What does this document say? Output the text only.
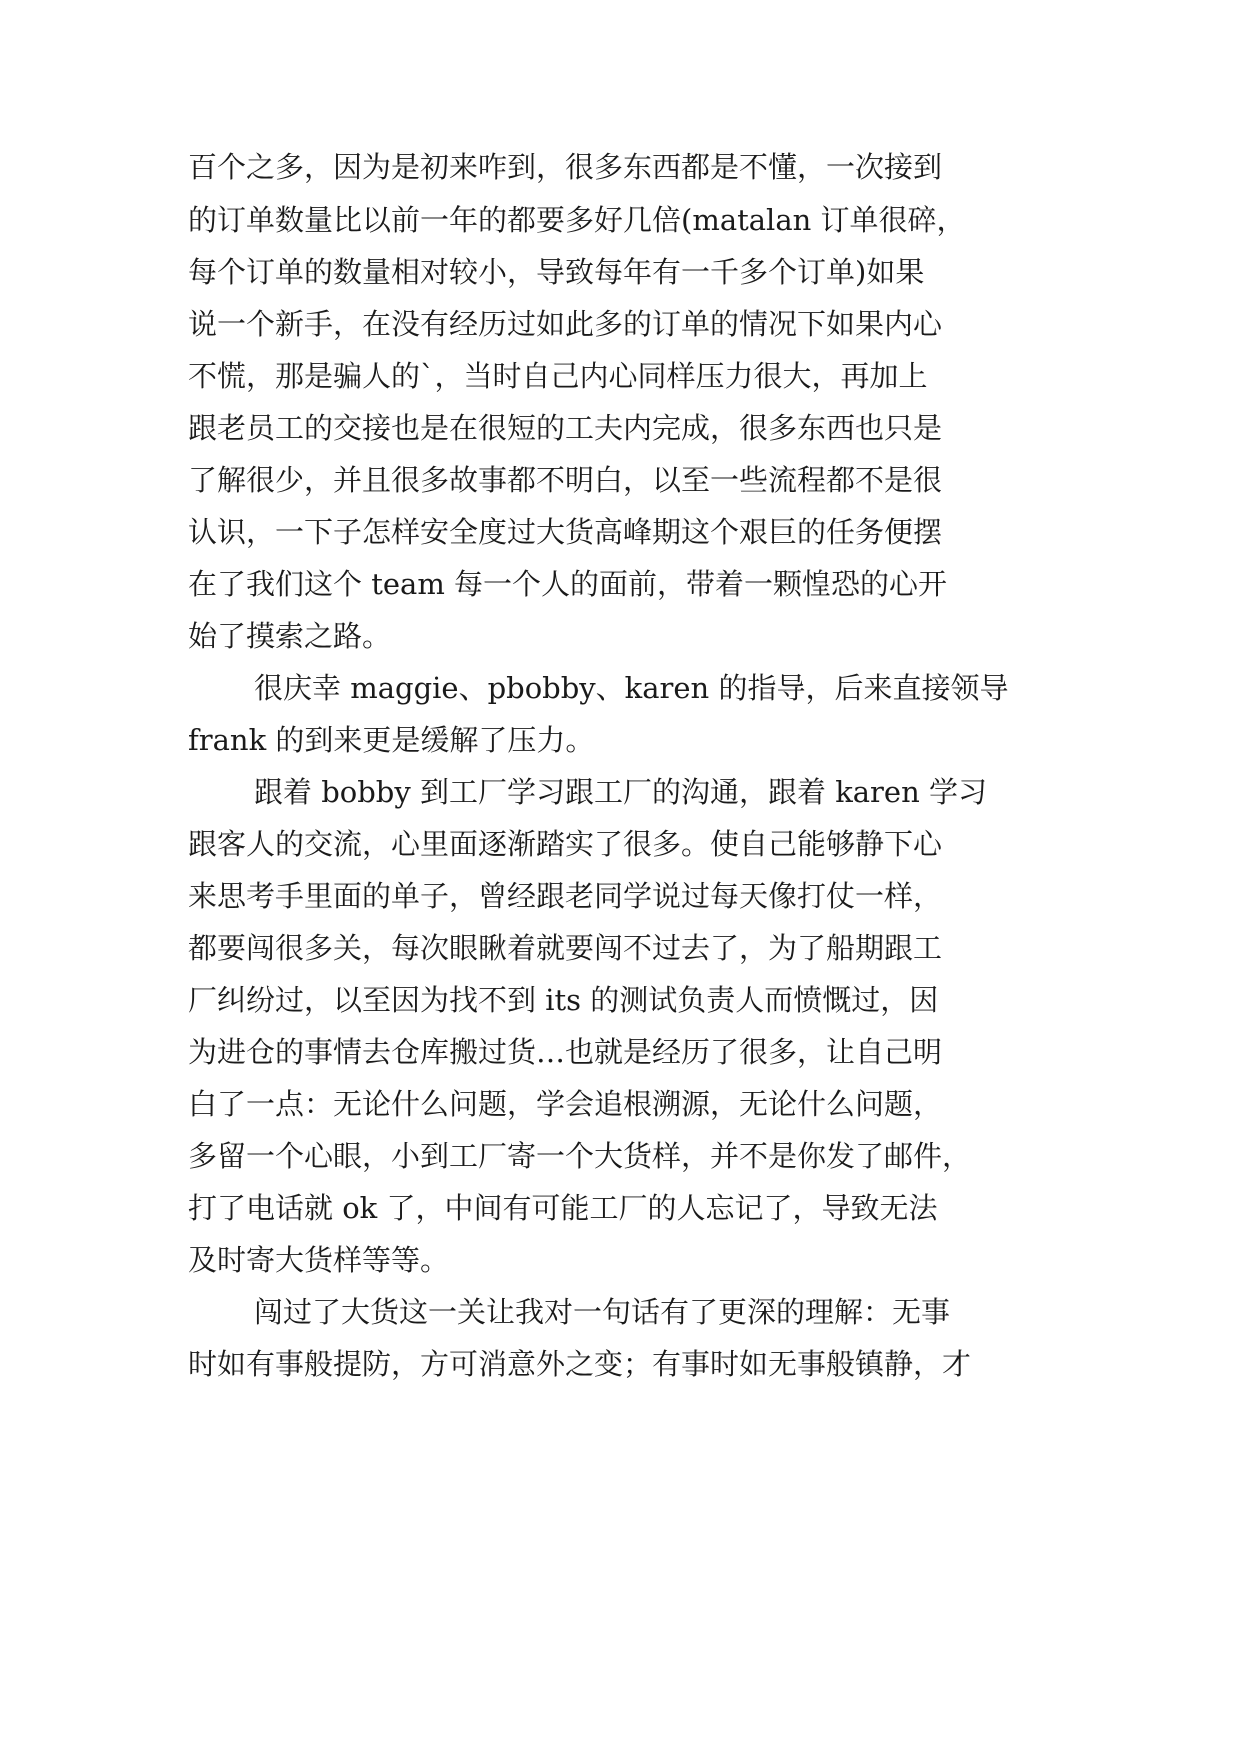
百个之多，因为是初来咋到，很多东西都是不懂，一次接到
的订单数量比以前一年的都要多好几倍(matalan 订单很碎，
每个订单的数量相对较小，导致每年有一千多个订单)如果
说一个新手，在没有经历过如此多的订单的情况下如果内心
不慌，那是骗人的`，当时自己内心同样压力很大，再加上
跟老员工的交接也是在很短的工夫内完成，很多东西也只是
了解很少，并且很多故事都不明白，以至一些流程都不是很
认识，一下子怎样安全度过大货高峰期这个艰巨的任务便摆
在了我们这个 team 每一个人的面前，带着一颗惶恐的心开
始了摸索之路。
很庆幸 maggie、pbobby、karen 的指导，后来直接领导
frank 的到来更是缓解了压力。
跟着 bobby 到工厂学习跟工厂的沟通，跟着 karen 学习
跟客人的交流，心里面逐渐踏实了很多。使自己能够静下心
来思考手里面的单子，曾经跟老同学说过每天像打仗一样，
都要闯很多关，每次眼瞅着就要闯不过去了，为了船期跟工
厂纠纷过，以至因为找不到 its 的测试负责人而愤慨过，因
为进仓的事情去仓库搬过货…也就是经历了很多，让自己明
白了一点：无论什么问题，学会追根溯源，无论什么问题，
多留一个心眼，小到工厂寄一个大货样，并不是你发了邮件，
打了电话就 ok 了，中间有可能工厂的人忘记了，导致无法
及时寄大货样等等。
闯过了大货这一关让我对一句话有了更深的理解：无事
时如有事般提防，方可消意外之变；有事时如无事般镇静，才
